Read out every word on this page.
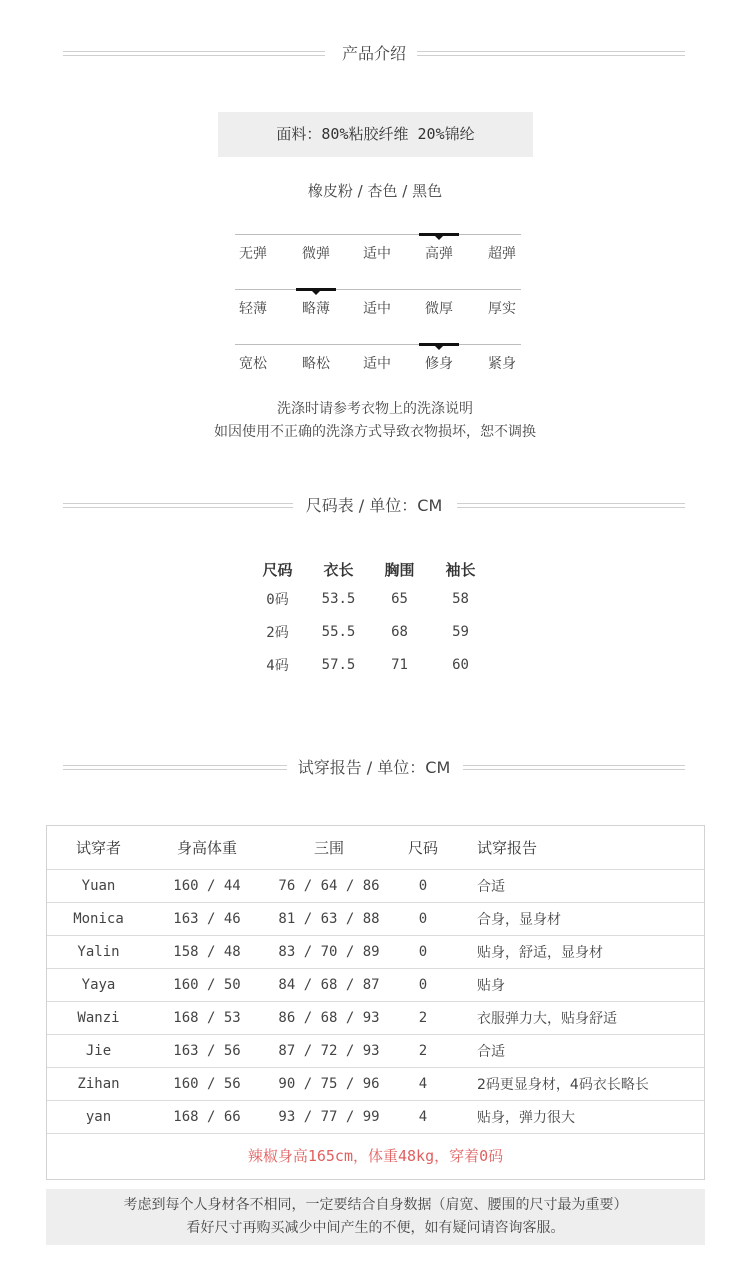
产品介绍
面料：80%粘胶纤维 20%锦纶
橡皮粉 / 杏色 / 黑色
无弹	微弹	适中	高弹	超弹
轻薄	略薄	适中	微厚	厚实
宽松	略松	适中	修身	紧身
洗涤时请参考衣物上的洗涤说明
如因使用不正确的洗涤方式导致衣物损坏，恕不调换
尺码表 / 单位：CM
尺码	衣长	胸围	袖长
0码	53.5	65	58
2码	55.5	68	59
4码	57.5	71	60
试穿报告 / 单位：CM
试穿者	身高体重	三围	尺码	试穿报告
Yuan	160 / 44	76 / 64 / 86	0	合适
Monica	163 / 46	81 / 63 / 88	0	合身，显身材
Yalin	158 / 48	83 / 70 / 89	0	贴身，舒适，显身材
Yaya	160 / 50	84 / 68 / 87	0	贴身
Wanzi	168 / 53	86 / 68 / 93	2	衣服弹力大，贴身舒适
Jie	163 / 56	87 / 72 / 93	2	合适
Zihan	160 / 56	90 / 75 / 96	4	2码更显身材，4码衣长略长
yan	168 / 66	93 / 77 / 99	4	贴身，弹力很大
辣椒身高165cm，体重48kg，穿着0码
考虑到每个人身材各不相同，一定要结合自身数据（肩宽、腰围的尺寸最为重要）
看好尺寸再购买减少中间产生的不便，如有疑问请咨询客服。
